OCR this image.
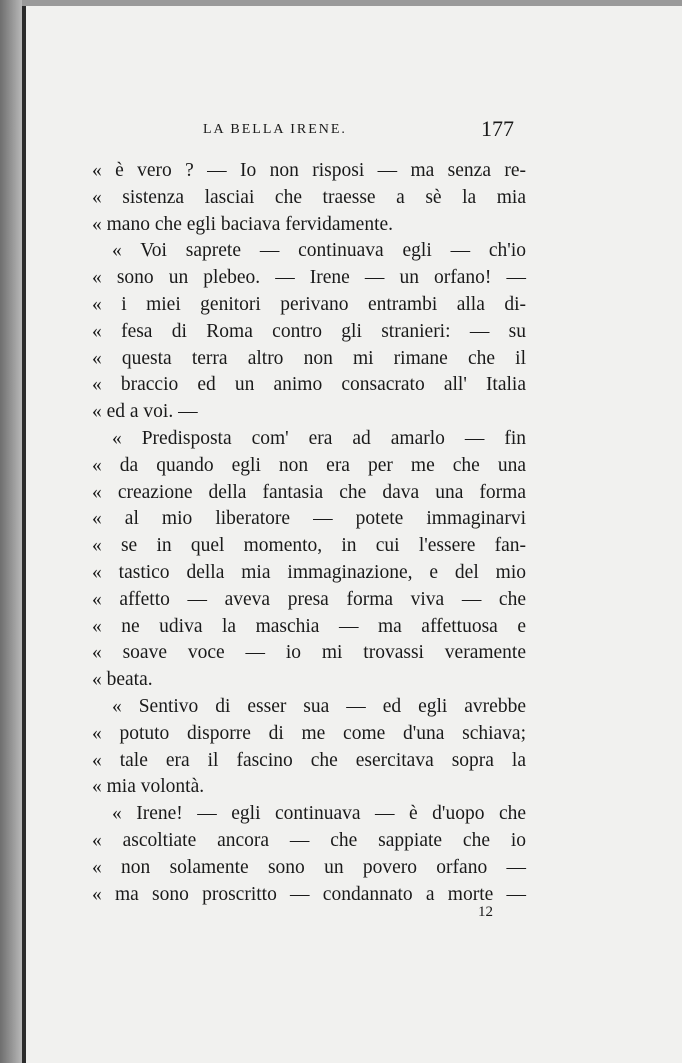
LA BELLA IRENE.	177
« è vero ? — Io non risposi — ma senza re-
« sistenza lasciai che traesse a sè la mia
« mano che egli baciava fervidamente.
« Voi saprete — continuava egli — ch'io
« sono un plebeo. — Irene — un orfano! —
« i miei genitori perivano entrambi alla di-
« fesa di Roma contro gli stranieri: — su
« questa terra altro non mi rimane che il
« braccio ed un animo consacrato all' Italia
« ed a voi. —
« Predisposta com' era ad amarlo — fin
« da quando egli non era per me che una
« creazione della fantasia che dava una forma
« al mio liberatore — potete immaginarvi
« se in quel momento, in cui l'essere fan-
« tastico della mia immaginazione, e del mio
« affetto — aveva presa forma viva — che
« ne udiva la maschia — ma affettuosa e
« soave voce — io mi trovassi veramente
« beata.
« Sentivo di esser sua — ed egli avrebbe
« potuto disporre di me come d'una schiava;
« tale era il fascino che esercitava sopra la
« mia volontà.
« Irene! — egli continuava — è d'uopo che
« ascoltiate ancora — che sappiate che io
« non solamente sono un povero orfano —
« ma sono proscritto — condannato a morte —
12
